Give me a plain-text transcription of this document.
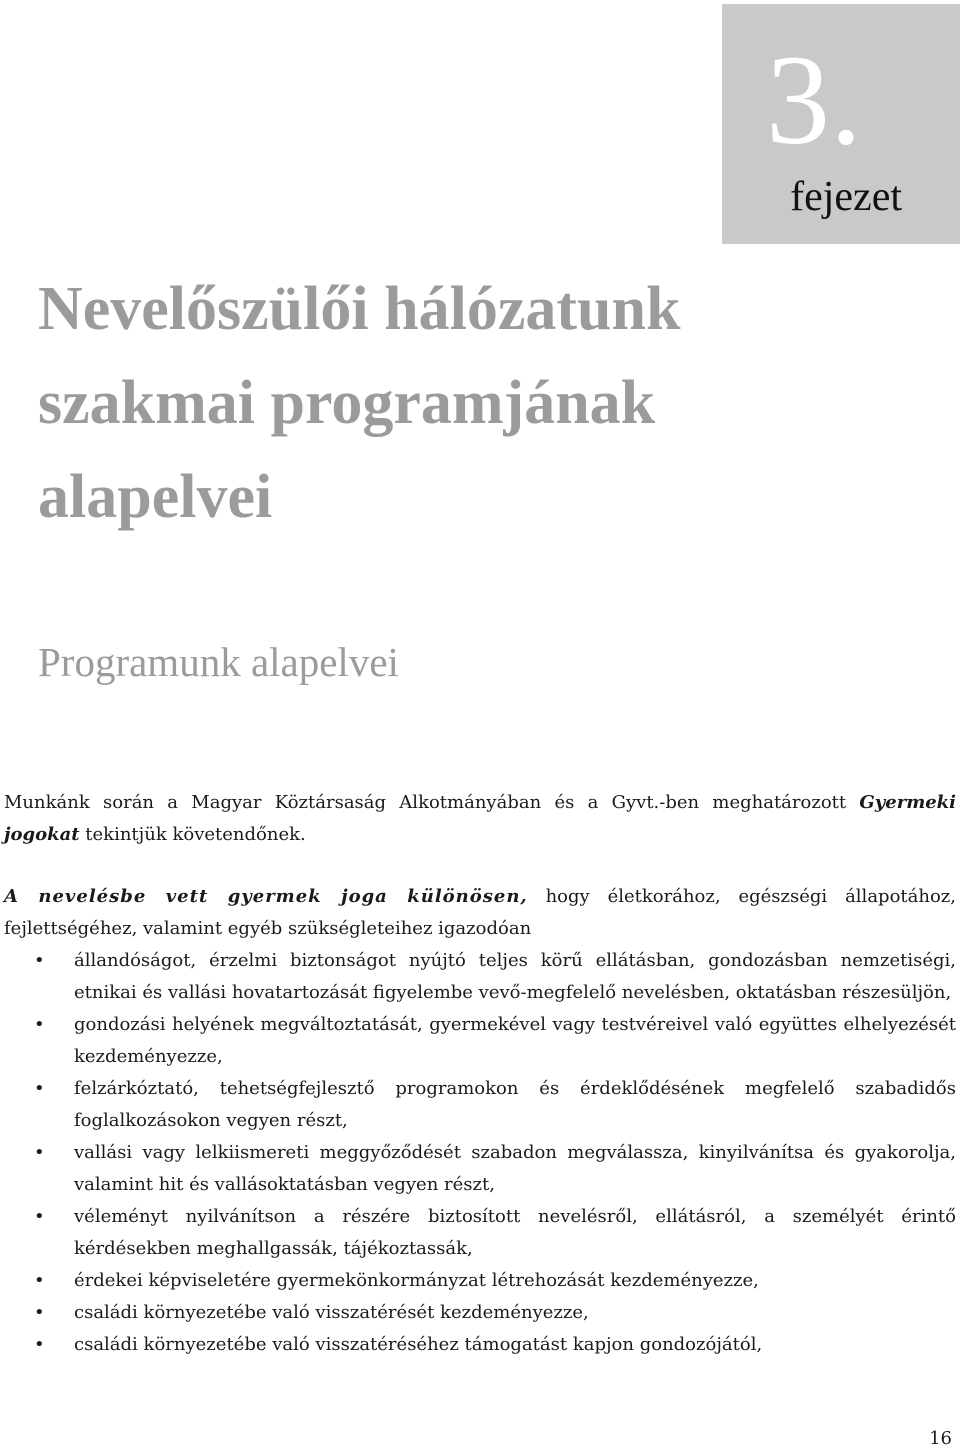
3.
fejezet
Nevelőszülői hálózatunk szakmai programjának alapelvei
Programunk alapelvei

Munkánk során a Magyar Köztársaság Alkotmányában és a Gyvt.-ben meghatározott Gyermeki jogokat tekintjük követendőnek.

A nevelésbe vett gyermek joga különösen, hogy életkorához, egészségi állapotához, fejlettségéhez, valamint egyéb szükségleteihez igazodóan

• állandóságot, érzelmi biztonságot nyújtó teljes körű ellátásban, gondozásban nemzetiségi, etnikai és vallási hovatartozását figyelembe vevő-megfelelő nevelésben, oktatásban részesüljön,
• gondozási helyének megváltoztatását, gyermekével vagy testvéreivel való együttes elhelyezését kezdeményezze,
• felzárkóztató, tehetségfejlesztő programokon és érdeklődésének megfelelő szabadidős foglalkozásokon vegyen részt,
• vallási vagy lelkiismereti meggyőződését szabadon megválassza, kinyilvánítsa és gyakorolja, valamint hit és vallásoktatásban vegyen részt,
• véleményt nyilvánítson a részére biztosított nevelésről, ellátásról, a személyét érintő kérdésekben meghallgassák, tájékoztassák,
• érdekei képviseletére gyermekönkormányzat létrehozását kezdeményezze,
• családi környezetébe való visszatérését kezdeményezze,
• családi környezetébe való visszatéréséhez támogatást kapjon gondozójától,
16
